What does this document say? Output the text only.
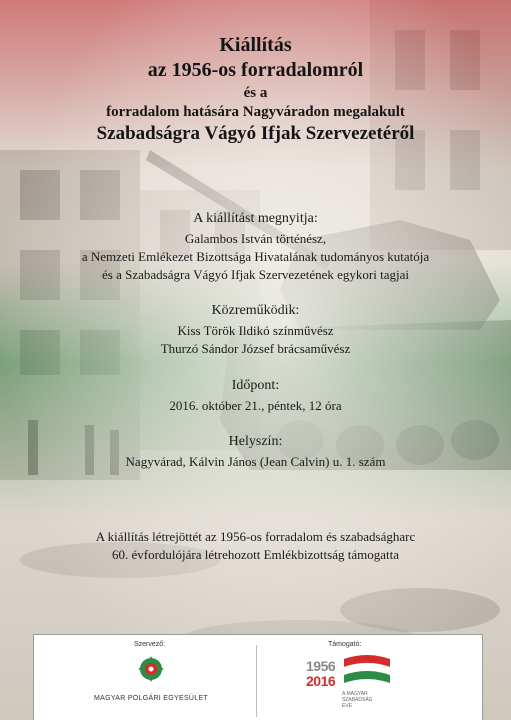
Kiállítás
az 1956-os forradalomról
és a
forradalom hatására Nagyváradon megalakult
Szabadságra Vágyó Ifjak Szervezetéről
A kiállítást megnyitja:
Galambos István történész,
a Nemzeti Emlékezet Bizottsága Hivatalának tudományos kutatója
és a Szabadságra Vágyó Ifjak Szervezetének egykori tagjai
Közreműködik:
Kiss Török Ildikó színművész
Thurzó Sándor József brácsaművész
Időpont:
2016. október 21., péntek, 12 óra
Helyszín:
Nagyvárad, Kálvin János (Jean Calvin) u. 1. szám
A kiállítás létrejöttét az 1956-os forradalom és szabadságharc
60. évfordulójára létrehozott Emlékbizottság támogatta
Szervező:
MAGYAR POLGÁRI EGYESÜLET
Támogató:
1956
2016
A MAGYAR
SZABADSÁG
ÉVE
